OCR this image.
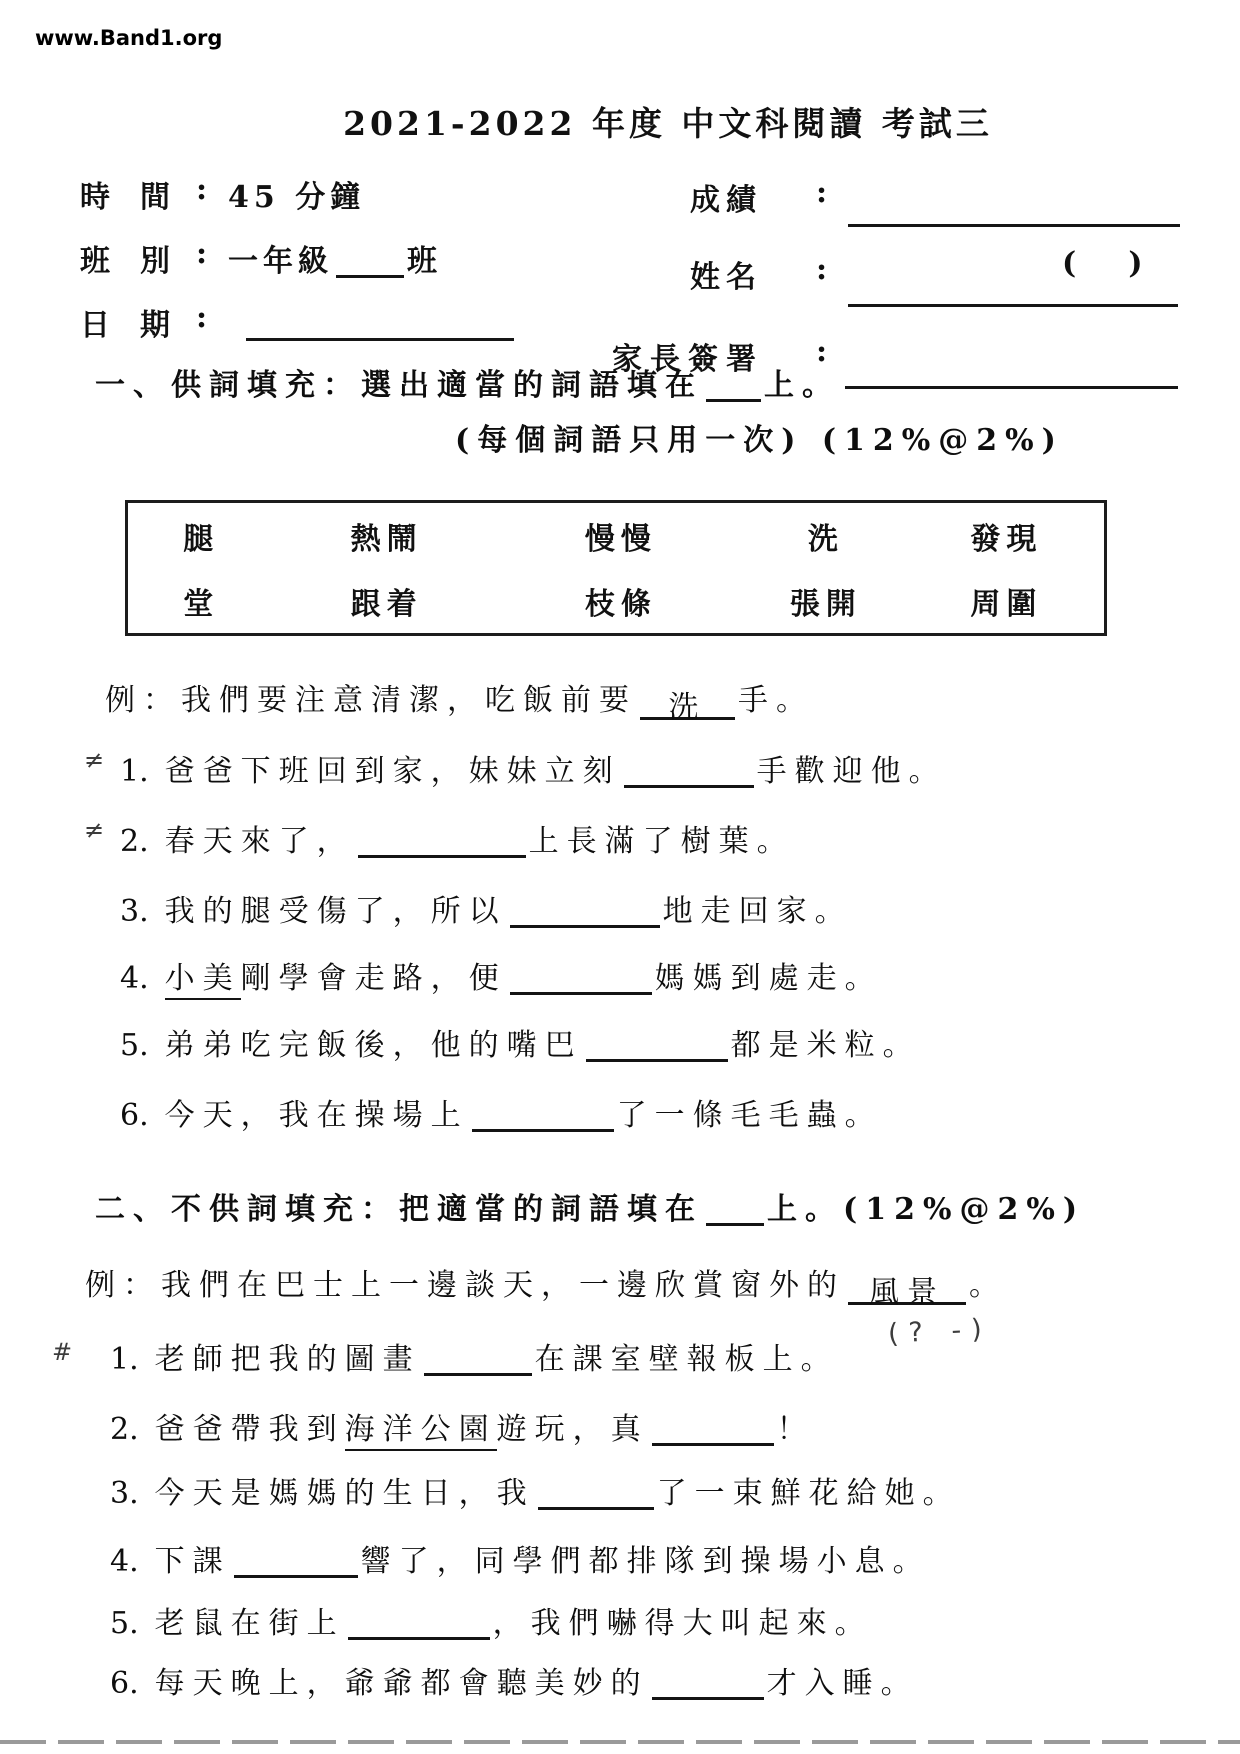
www.Band1.org
2021-2022 年度 中文科閱讀 考試三
時間
: 45 分鐘
班別
: 一年級 班
日期
:
成績 :
姓名 :	(     )
家長簽署 :
一、供詞填充：選出適當的詞語填在 上。
(每個詞語只用一次) (12%@2%)
腿	熱鬧	慢慢	洗	發現
堂	跟着	枝條	張開	周圍
例：我們要注意清潔，吃飯前要 洗 手。
≠ 1. 爸爸下班回到家，妹妹立刻	手歡迎他。
≠ 2. 春天來了，	上長滿了樹葉。
3. 我的腿受傷了，所以	地走回家。
4. 小美剛學會走路，便	媽媽到處走。
5. 弟弟吃完飯後，他的嘴巴	都是米粒。
6. 今天，我在操場上	了一條毛毛蟲。
二、不供詞填充：把適當的詞語填在 上。(12%@2%)
例：我們在巴士上一邊談天，一邊欣賞窗外的 風景 。
(? -)
# 1. 老師把我的圖畫	在課室壁報板上。
2. 爸爸帶我到海洋公園遊玩，真	！
3. 今天是媽媽的生日，我	了一束鮮花給她。
4. 下課	響了，同學們都排隊到操場小息。
5. 老鼠在街上	，我們嚇得大叫起來。
6. 每天晚上，爺爺都會聽美妙的	才入睡。
